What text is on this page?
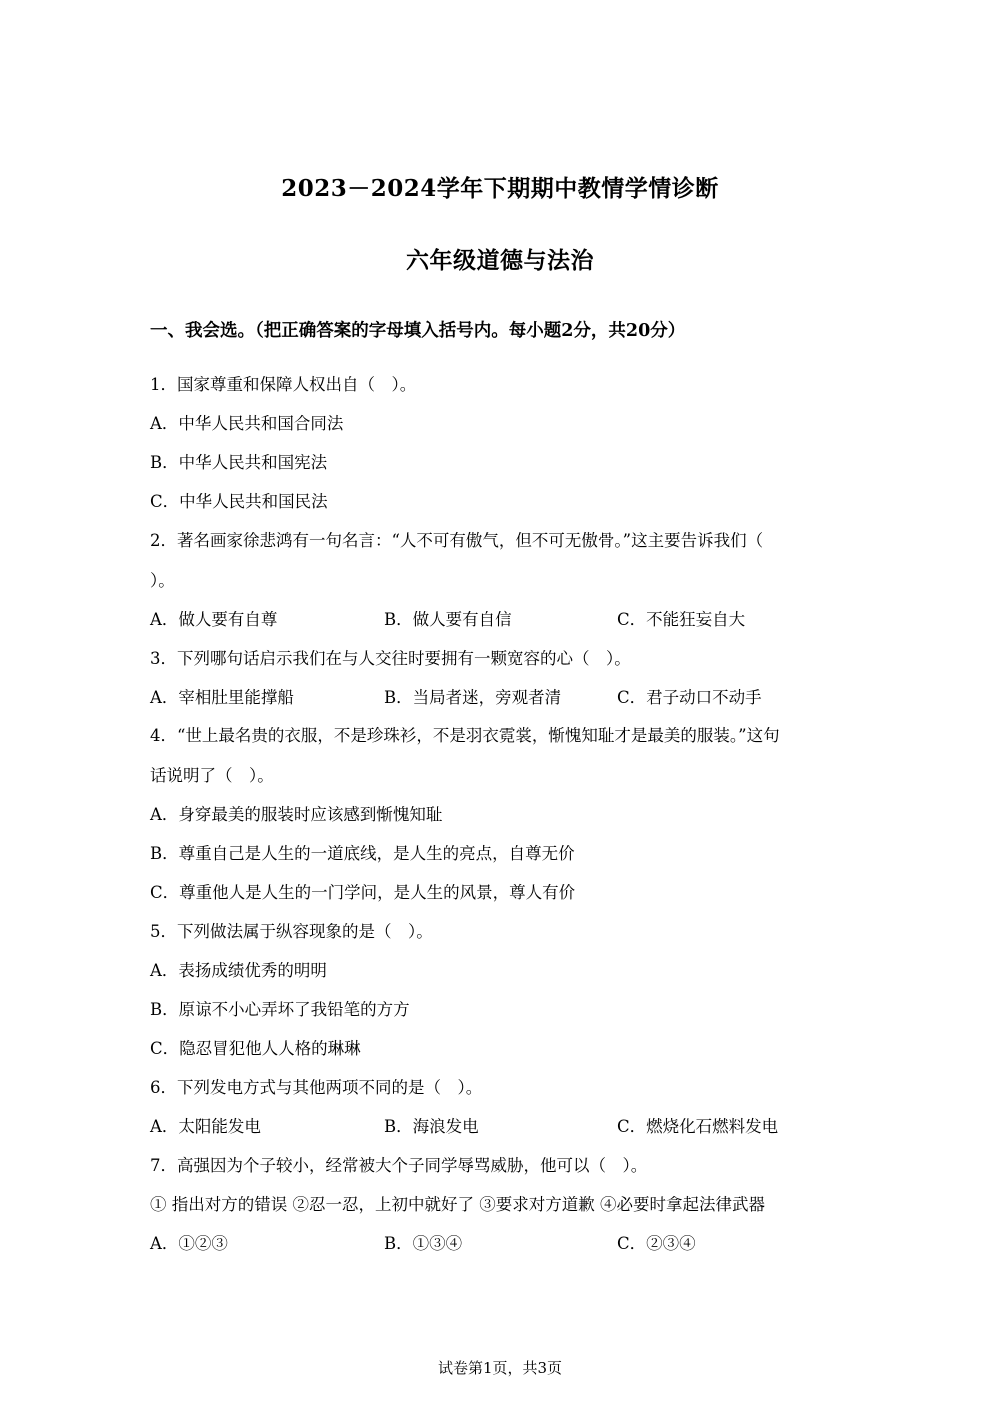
2023－2024学年下期期中教情学情诊断
六年级道德与法治
一、我会选。（把正确答案的字母填入括号内。每小题2分，共20分）
1．国家尊重和保障人权出自（　）。
A．中华人民共和国合同法
B．中华人民共和国宪法
C．中华人民共和国民法
2．著名画家徐悲鸿有一句名言：“人不可有傲气，但不可无傲骨。”这主要告诉我们（
）。
A．做人要有自尊	B．做人要有自信	C．不能狂妄自大
3．下列哪句话启示我们在与人交往时要拥有一颗宽容的心（　）。
A．宰相肚里能撑船	B．当局者迷，旁观者清	C．君子动口不动手
4．“世上最名贵的衣服，不是珍珠衫，不是羽衣霓裳，惭愧知耻才是最美的服装。”这句
话说明了（　）。
A．身穿最美的服装时应该感到惭愧知耻
B．尊重自己是人生的一道底线，是人生的亮点，自尊无价
C．尊重他人是人生的一门学问，是人生的风景，尊人有价
5．下列做法属于纵容现象的是（　）。
A．表扬成绩优秀的明明
B．原谅不小心弄坏了我铅笔的方方
C．隐忍冒犯他人人格的琳琳
6．下列发电方式与其他两项不同的是（　）。
A．太阳能发电	B．海浪发电	C．燃烧化石燃料发电
7．高强因为个子较小，经常被大个子同学辱骂威胁，他可以（　）。
① 指出对方的错误 ②忍一忍，上初中就好了 ③要求对方道歉 ④必要时拿起法律武器
A．①②③	B．①③④	C．②③④
试卷第1页，共3页
